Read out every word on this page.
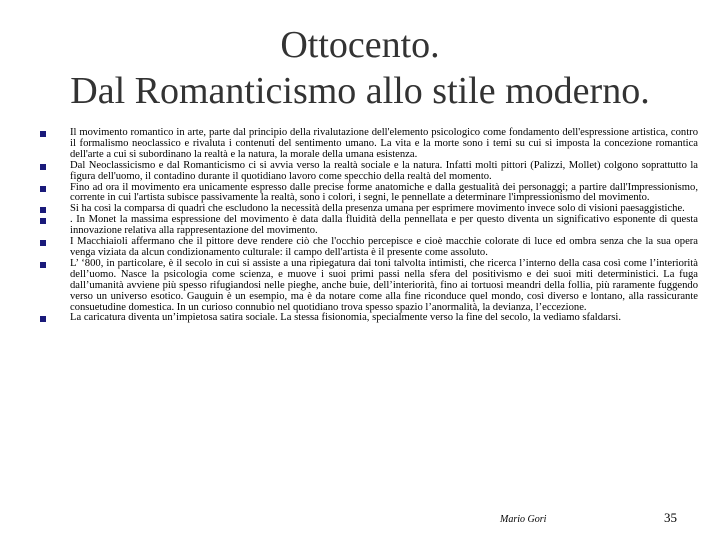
Ottocento.
Dal Romanticismo allo stile moderno.
Il movimento romantico in arte, parte dal principio della rivalutazione dell'elemento psicologico come fondamento dell'espressione artistica, contro il formalismo neoclassico e rivaluta i contenuti del sentimento umano. La vita e la morte sono i temi su cui si imposta la concezione romantica dell'arte a cui si subordinano la realtà e la natura, la morale della umana esistenza.
Dal Neoclassicismo e dal Romanticismo ci si avvia verso la realtà sociale e la natura. Infatti molti pittori (Palizzi, Mollet) colgono soprattutto la figura dell'uomo, il contadino durante il quotidiano lavoro come specchio della realtà del momento.
Fino ad ora il movimento era unicamente espresso dalle precise forme anatomiche e dalla gestualità dei personaggi; a partire dall'Impressionismo, corrente in cui l'artista subisce passivamente la realtà, sono i colori, i segni, le pennellate a determinare l'impressionismo del movimento.
Si ha così la comparsa di quadri che escludono la necessità della presenza umana per esprimere movimento invece solo di visioni paesaggistiche.
. In Monet la massima espressione del movimento è data dalla fluidità della pennellata e per questo diventa un significativo esponente di questa innovazione relativa alla rappresentazione del movimento.
I Macchiaioli affermano che il pittore deve rendere ciò che l'occhio percepisce e cioè macchie colorate di luce ed ombra senza che la sua opera venga viziata da alcun condizionamento culturale: il campo dell'artista è il presente come assoluto.
L’ ‘800, in particolare, è il secolo in cui si assiste a una ripiegatura dai toni talvolta intimisti, che ricerca l’interno della casa così come l’interiorità dell’uomo. Nasce la psicologia come scienza, e muove i suoi primi passi nella sfera del positivismo e dei suoi miti deterministici. La fuga dall’umanità avviene più spesso rifugiandosi nelle pieghe, anche buie, dell’interiorità, fino ai tortuosi meandri della follia, più raramente fuggendo verso un universo esotico. Gauguin è un esempio, ma è da notare come alla fine riconduce quel mondo, così diverso e lontano, alla rassicurante consuetudine domestica. In un curioso connubio nel quotidiano trova spesso spazio l’anormalità, la devianza, l’eccezione.
La caricatura diventa un’impietosa satira sociale. La stessa fisionomia, specialmente verso la fine del secolo, la vediamo sfaldarsi.
Mario Gori	35
